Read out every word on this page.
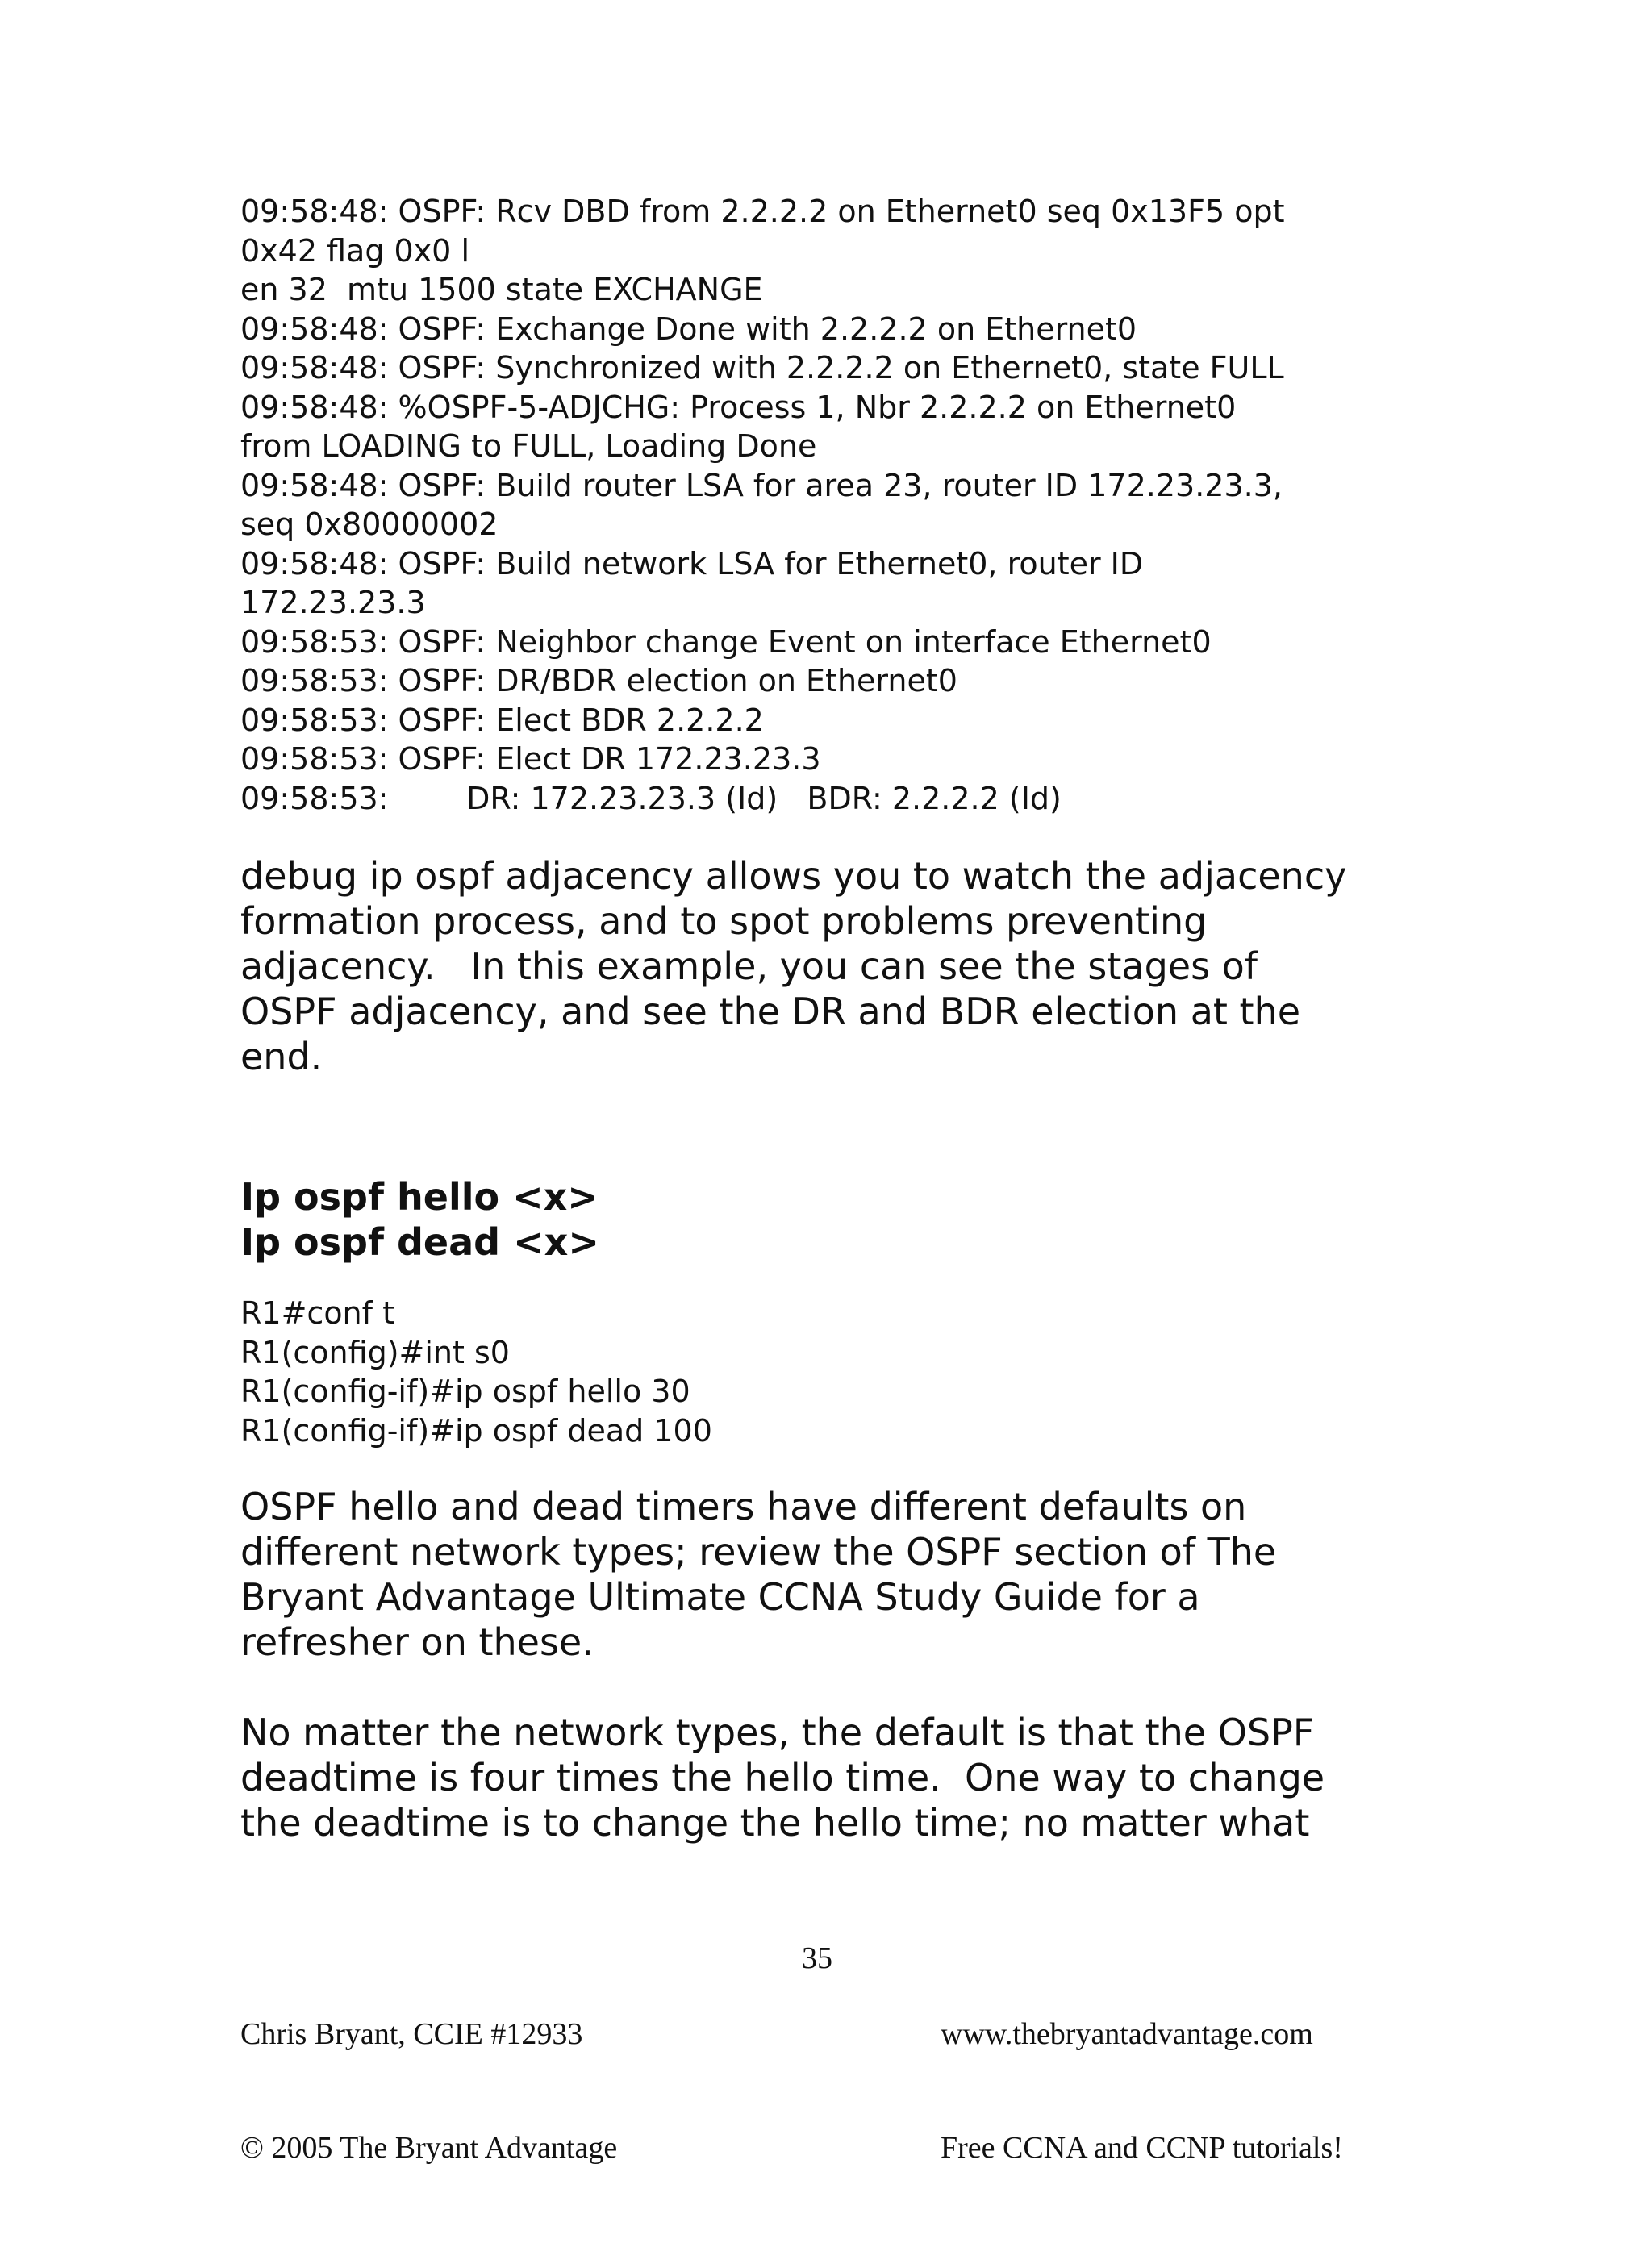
09:58:48: OSPF: Rcv DBD from 2.2.2.2 on Ethernet0 seq 0x13F5 opt

0x42 flag 0x0 l

en 32  mtu 1500 state EXCHANGE

09:58:48: OSPF: Exchange Done with 2.2.2.2 on Ethernet0

09:58:48: OSPF: Synchronized with 2.2.2.2 on Ethernet0, state FULL

09:58:48: %OSPF-5-ADJCHG: Process 1, Nbr 2.2.2.2 on Ethernet0

from LOADING to FULL, Loading Done

09:58:48: OSPF: Build router LSA for area 23, router ID 172.23.23.3,

seq 0x80000002

09:58:48: OSPF: Build network LSA for Ethernet0, router ID

172.23.23.3

09:58:53: OSPF: Neighbor change Event on interface Ethernet0

09:58:53: OSPF: DR/BDR election on Ethernet0

09:58:53: OSPF: Elect BDR 2.2.2.2

09:58:53: OSPF: Elect DR 172.23.23.3

09:58:53:        DR: 172.23.23.3 (Id)   BDR: 2.2.2.2 (Id)

debug ip ospf adjacency allows you to watch the adjacency

formation process, and to spot problems preventing

adjacency.   In this example, you can see the stages of

OSPF adjacency, and see the DR and BDR election at the

end.

Ip ospf hello <x>

Ip ospf dead <x>

R1#conf t

R1(config)#int s0

R1(config-if)#ip ospf hello 30

R1(config-if)#ip ospf dead 100

OSPF hello and dead timers have different defaults on

different network types; review the OSPF section of The

Bryant Advantage Ultimate CCNA Study Guide for a

refresher on these.

No matter the network types, the default is that the OSPF

deadtime is four times the hello time.  One way to change

the deadtime is to change the hello time; no matter what

Chris Bryant, CCIE #12933

© 2005 The Bryant Advantage

35

www.thebryantadvantage.com

Free CCNA and CCNP tutorials!
